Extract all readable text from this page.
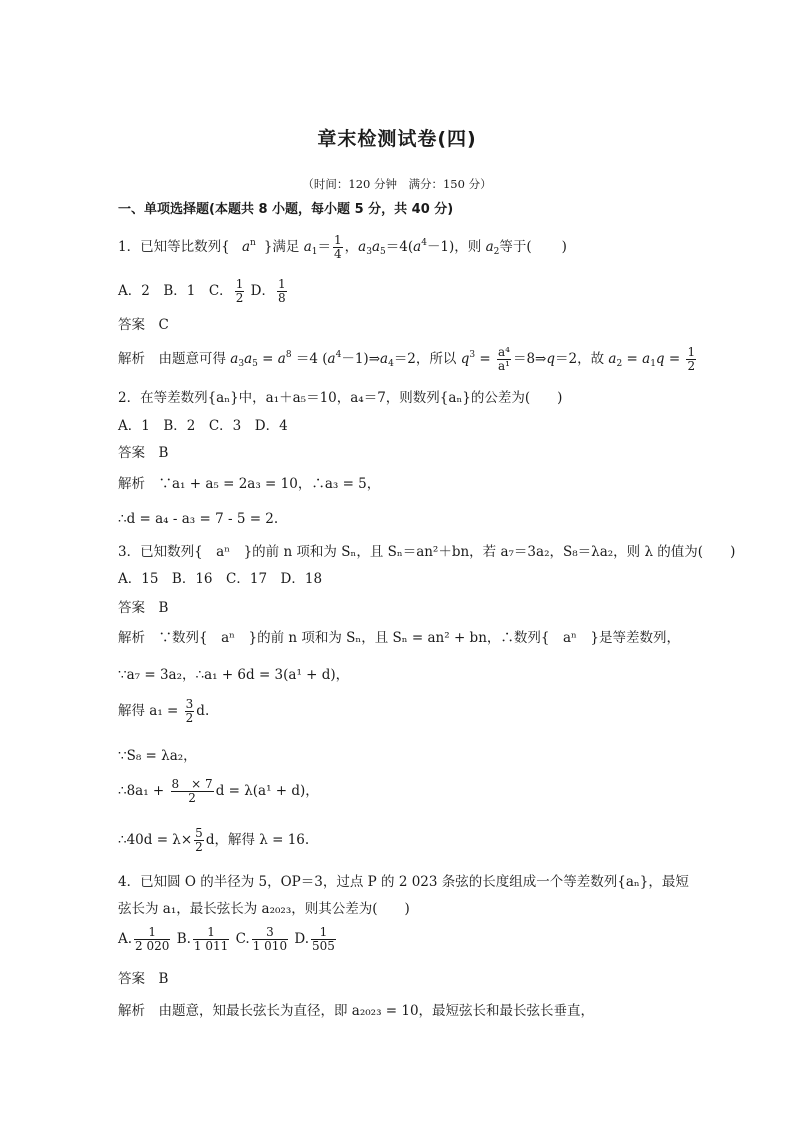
章末检测试卷(四)
（时间：120 分钟　满分：150 分）
一、单项选择题(本题共 8 小题，每小题 5 分，共 40 分)
1．已知等比数列{ $a^n$ }满足 $a_1= \frac{1}{4}$ ，$a_3a_5=4(a^4-1)$，则 $a_2$等于( )
A．2　B．1　C． $\frac{1}{2}$ D． $\frac{1}{8}$
答案　C
解析　由题意可得 $a_3a_5 = a^8 =4$ $(a^4-1)\Rightarrow a_4=2$，所以 $q^3 = \frac{\text{a⁴}}{\text{a¹}}$ ＝8⇒q＝2，故 $a_2 = a_1q = \frac{1}{2}$
2．在等差数列{aₙ}中，a₁＋a₅＝10，a₄＝7，则数列{aₙ}的公差为(　　)
A．1　B．2　C．3　D．4
答案　B
解析　∵a₁ + a₅ = 2a₃ = 10，∴a₃ = 5，
∴d = a₄ - a₃ = 7 - 5 = 2.
3．已知数列{　aⁿ　}的前 n 项和为 Sₙ，且 Sₙ＝an²＋bn，若 a₇＝3a₂，S₈＝λa₂，则 λ 的值为(　　)
A．15　B．16　C．17　D．18
答案　B
解析　∵数列{　aⁿ　}的前 n 项和为 Sₙ，且 Sₙ = an² + bn，∴数列{　aⁿ　}是等差数列，
∵a₇ = 3a₂，∴a₁ + 6d = 3(a¹ + d)，
解得 $a_1 = \frac{3}{2} d$.
∵S₈ = λa₂，
∴8a₁ + $\frac{8 \times 7}{2}$ d = λ(a¹ + d)，
∴40d = $\lambda\times \frac{5}{2}$ d，解得 λ = 16.
4．已知圆 O 的半径为 5，OP＝3，过点 P 的 2 023 条弦的长度组成一个等差数列{aₙ}，最短
弦长为 a₁，最长弦长为 a₂₀₂₃，则其公差为(　　)
A. $\frac{1}{2 020} B$. $\frac{1}{1 011} C$. $\frac{3}{1 010} D$. $\frac{1}{505}$
答案　B
解析　由题意，知最长弦长为直径，即 a₂₀₂₃ = 10，最短弦长和最长弦长垂直，
